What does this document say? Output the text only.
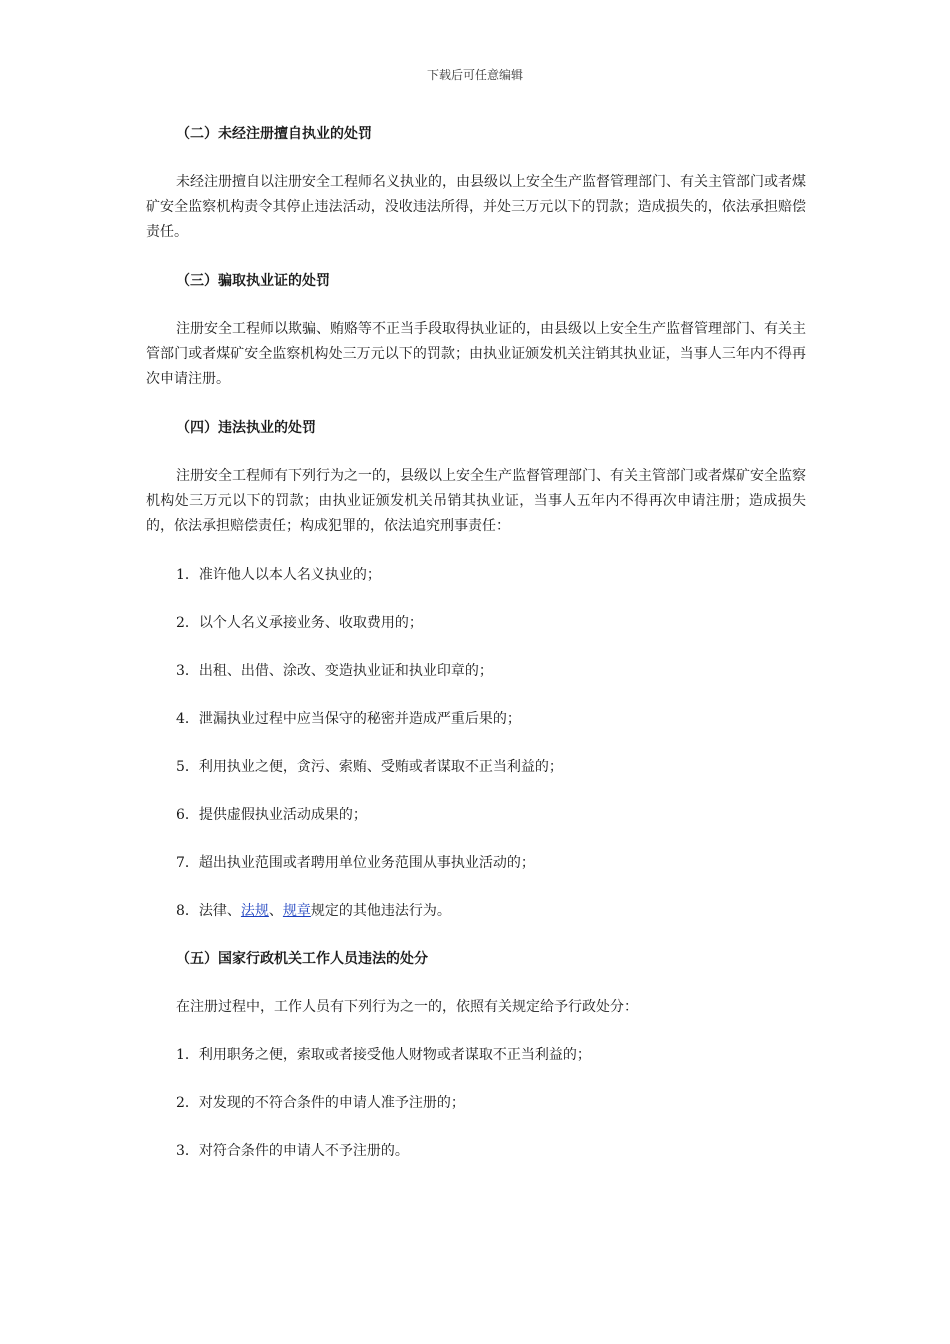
下载后可任意编辑
（二）未经注册擅自执业的处罚
未经注册擅自以注册安全工程师名义执业的，由县级以上安全生产监督管理部门、有关主管部门或者煤矿安全监察机构责令其停止违法活动，没收违法所得，并处三万元以下的罚款；造成损失的，依法承担赔偿责任。
（三）骗取执业证的处罚
注册安全工程师以欺骗、贿赂等不正当手段取得执业证的，由县级以上安全生产监督管理部门、有关主管部门或者煤矿安全监察机构处三万元以下的罚款；由执业证颁发机关注销其执业证，当事人三年内不得再次申请注册。
（四）违法执业的处罚
注册安全工程师有下列行为之一的，县级以上安全生产监督管理部门、有关主管部门或者煤矿安全监察机构处三万元以下的罚款；由执业证颁发机关吊销其执业证，当事人五年内不得再次申请注册；造成损失的，依法承担赔偿责任；构成犯罪的，依法追究刑事责任：
1．准许他人以本人名义执业的；
2．以个人名义承接业务、收取费用的；
3．出租、出借、涂改、变造执业证和执业印章的；
4．泄漏执业过程中应当保守的秘密并造成严重后果的；
5．利用执业之便，贪污、索贿、受贿或者谋取不正当利益的；
6．提供虚假执业活动成果的；
7．超出执业范围或者聘用单位业务范围从事执业活动的；
8．法律、法规、规章规定的其他违法行为。
（五）国家行政机关工作人员违法的处分
在注册过程中，工作人员有下列行为之一的，依照有关规定给予行政处分：
1．利用职务之便，索取或者接受他人财物或者谋取不正当利益的；
2．对发现的不符合条件的申请人准予注册的；
3．对符合条件的申请人不予注册的。
